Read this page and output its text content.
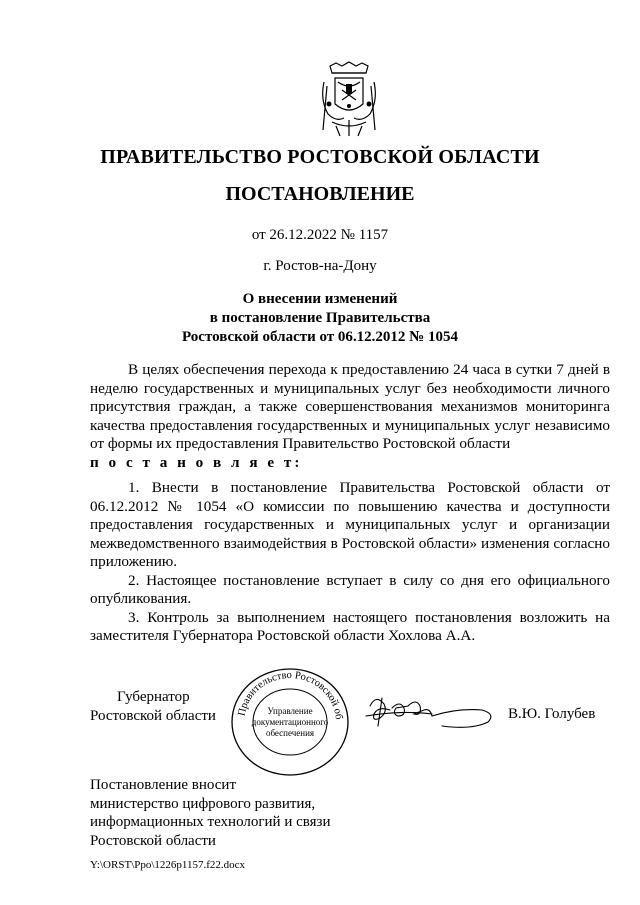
ПРАВИТЕЛЬСТВО РОСТОВСКОЙ ОБЛАСТИ
ПОСТАНОВЛЕНИЕ
от 26.12.2022 № 1157
г. Ростов-на-Дону
О внесении изменений
в постановление Правительства
Ростовской области от 06.12.2012 № 1054

В целях обеспечения перехода к предоставлению 24 часа в сутки 7 дней в неделю государственных и муниципальных услуг без необходимости личного присутствия граждан, а также совершенствования механизмов мониторинга качества предоставления государственных и муниципальных услуг независимо от формы их предоставления Правительство Ростовской области

п о с т а н о в л я е т:

1. Внести в постановление Правительства Ростовской области от 06.12.2012 № 1054 «О комиссии по повышению качества и доступности предоставления государственных и муниципальных услуг и организации межведомственного взаимодействия в Ростовской области» изменения согласно приложению.

2. Настоящее постановление вступает в силу со дня его официального опубликования.

3. Контроль за выполнением настоящего постановления возложить на заместителя Губернатора Ростовской области Хохлова А.А.

Губернатор
Ростовской области	Правительство Ростовской об
Управление
документационного
обеспечения
В.Ю. Голубев
Постановление вносит
министерство цифрового развития,
информационных технологий и связи
Ростовской области
Y:\ORST\Ppo\1226p1157.f22.docx
